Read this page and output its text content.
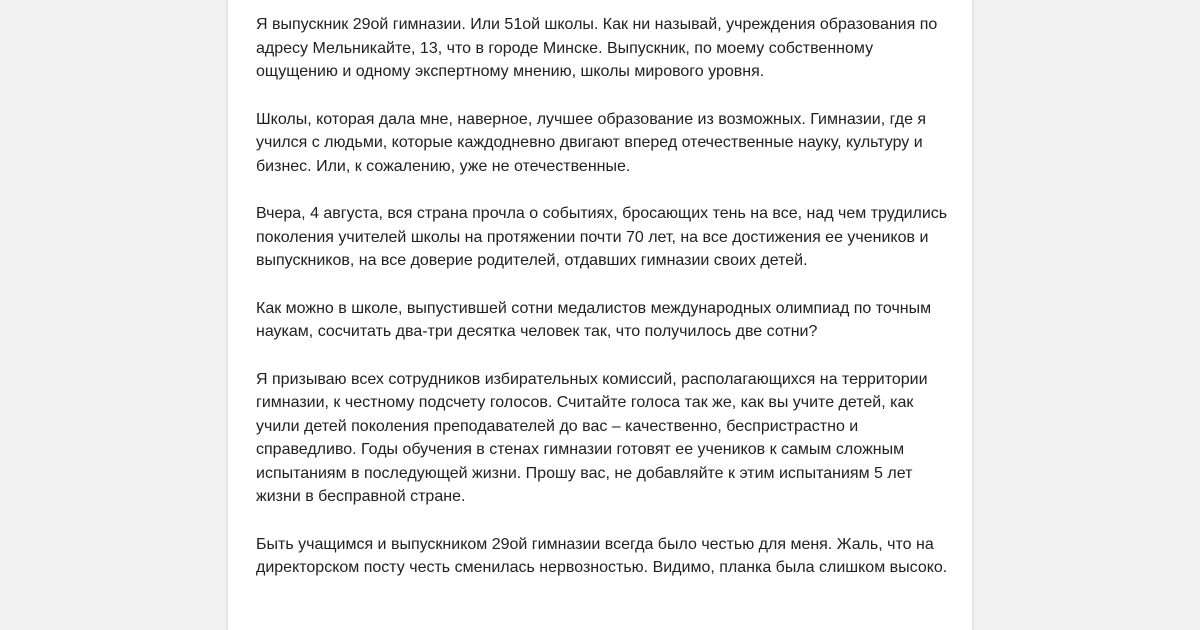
Я выпускник 29ой гимназии. Или 51ой школы. Как ни называй, учреждения образования по адресу Мельникайте, 13, что в городе Минске. Выпускник, по моему собственному ощущению и одному экспертному мнению, школы мирового уровня.

Школы, которая дала мне, наверное, лучшее образование из возможных. Гимназии, где я учился с людьми, которые каждодневно двигают вперед отечественные науку, культуру и бизнес. Или, к сожалению, уже не отечественные.

Вчера, 4 августа, вся страна прочла о событиях, бросающих тень на все, над чем трудились поколения учителей школы на протяжении почти 70 лет, на все достижения ее учеников и выпускников, на все доверие родителей, отдавших гимназии своих детей.

Как можно в школе, выпустившей сотни медалистов международных олимпиад по точным наукам, сосчитать два-три десятка человек так, что получилось две сотни?

Я призываю всех сотрудников избирательных комиссий, располагающихся на территории гимназии, к честному подсчету голосов. Считайте голоса так же, как вы учите детей, как учили детей поколения преподавателей до вас – качественно, беспристрастно и справедливо. Годы обучения в стенах гимназии готовят ее учеников к самым сложным испытаниям в последующей жизни. Прошу вас, не добавляйте к этим испытаниям 5 лет жизни в бесправной стране.

Быть учащимся и выпускником 29ой гимназии всегда было честью для меня. Жаль, что на директорском посту честь сменилась нервозностью. Видимо, планка была слишком высоко.
